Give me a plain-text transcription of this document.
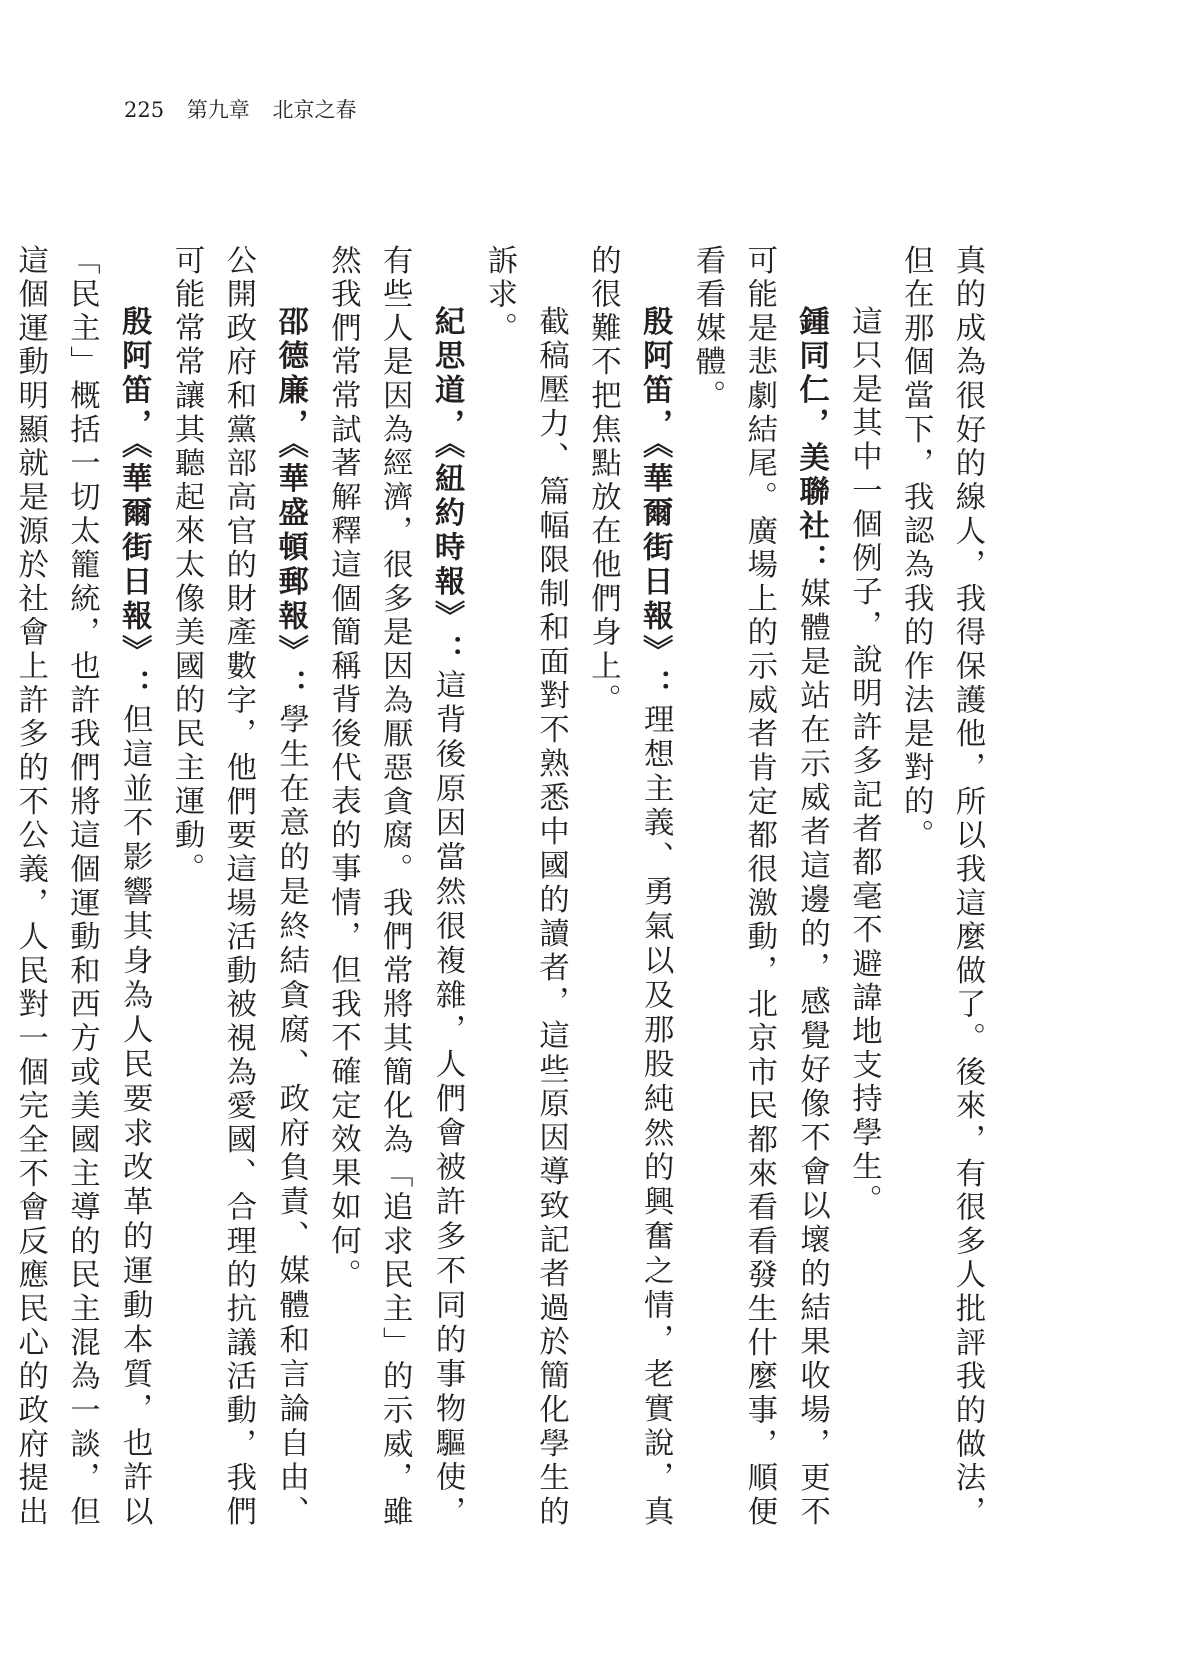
225 第九章 北京之春

真的成為很好的線人，我得保護他，所以我這麼做了。後來，有很多人批評我的做法，但在那個當下，我認為我的作法是對的。

這只是其中一個例子，說明許多記者都毫不避諱地支持學生。

鍾同仁，美聯社：媒體是站在示威者這邊的，感覺好像不會以壞的結果收場，更不可能是悲劇結尾。廣場上的示威者肯定都很激動，北京市民都來看看發生什麼事，順便看看媒體。

殷阿笛，《華爾街日報》：理想主義、勇氣以及那股純然的興奮之情，老實說，真的很難不把焦點放在他們身上。

截稿壓力、篇幅限制和面對不熟悉中國的讀者，這些原因導致記者過於簡化學生的訴求。

紀思道，《紐約時報》：這背後原因當然很複雜，人們會被許多不同的事物驅使，有些人是因為經濟，很多是因為厭惡貪腐。我們常將其簡化為「追求民主」的示威，雖然我們常常試著解釋這個簡稱背後代表的事情，但我不確定效果如何。

邵德廉，《華盛頓郵報》：學生在意的是終結貪腐、政府負責、媒體和言論自由、公開政府和黨部高官的財產數字，他們要這場活動被視為愛國、合理的抗議活動，我們可能常常讓其聽起來太像美國的民主運動。

殷阿笛，《華爾街日報》：但這並不影響其身為人民要求改革的運動本質，也許以「民主」概括一切太籠統，也許我們將這個運動和西方或美國主導的民主混為一談，但這個運動明顯就是源於社會上許多的不公義，人民對一個完全不會反應民心的政府提出
